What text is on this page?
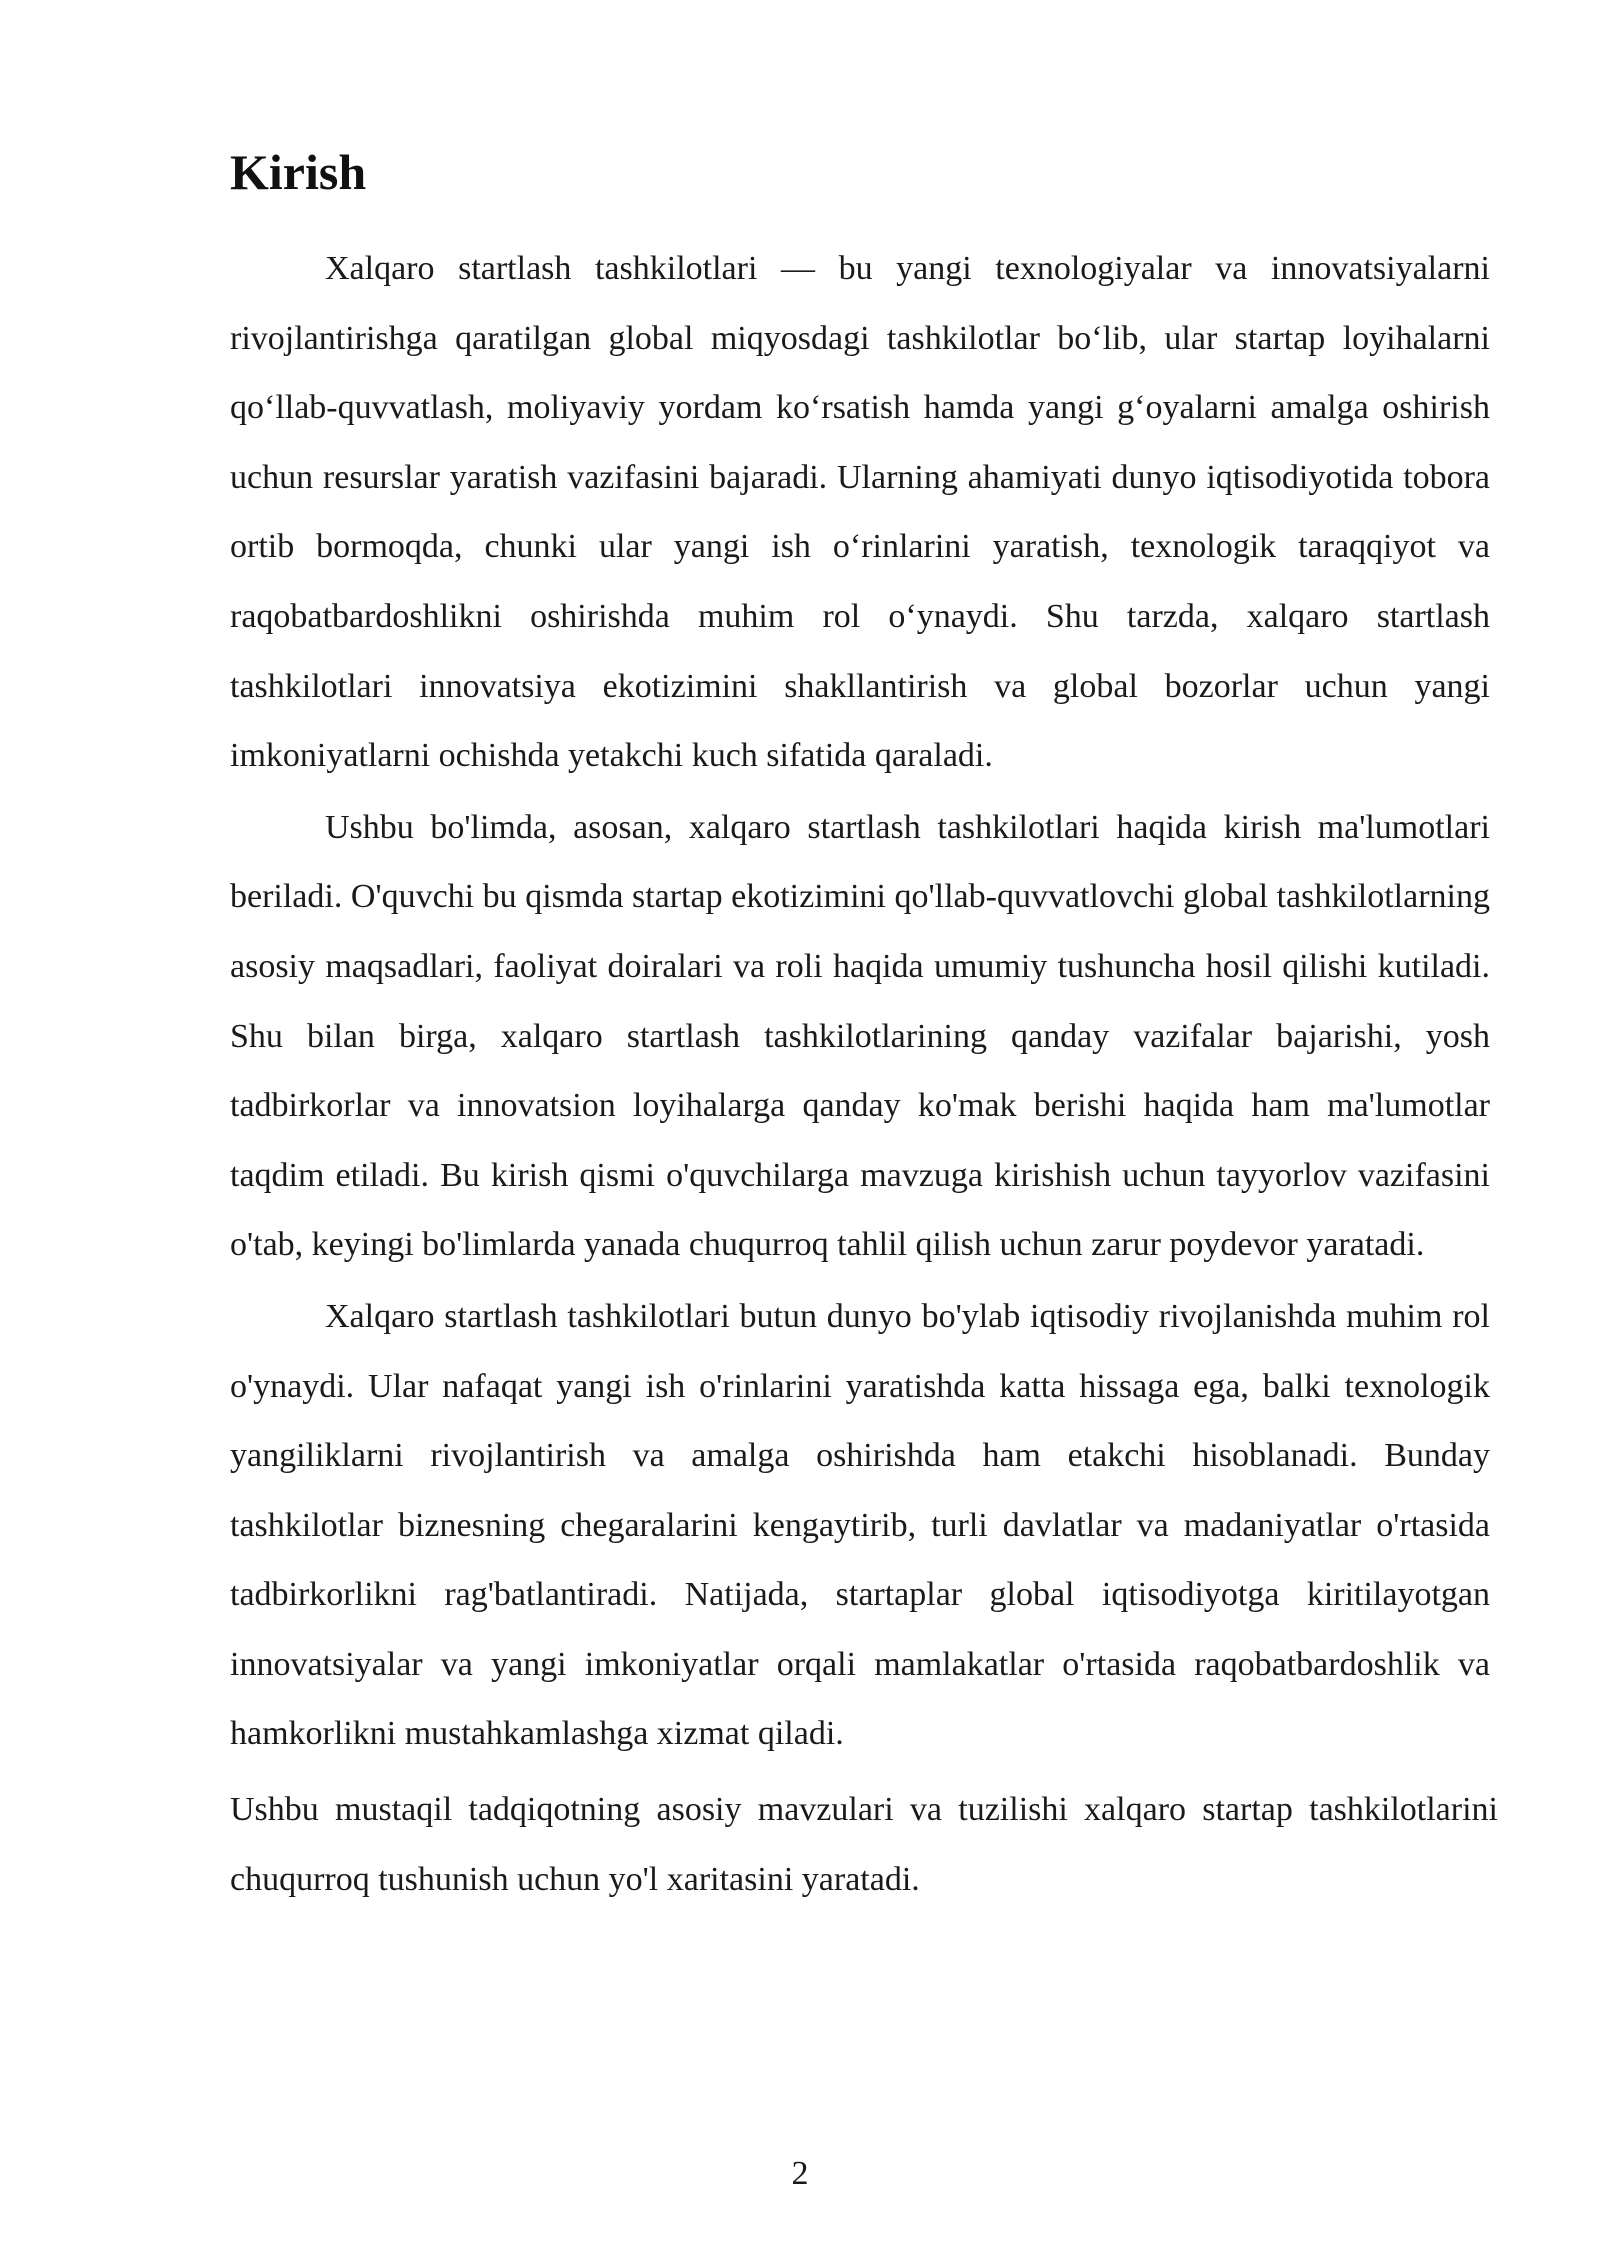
Kirish

Xalqaro startlash tashkilotlari — bu yangi texnologiyalar va innovatsiyalarni rivojlantirishga qaratilgan global miqyosdagi tashkilotlar bo‘lib, ular startap loyihalarni qo‘llab-quvvatlash, moliyaviy yordam ko‘rsatish hamda yangi g‘oyalarni amalga oshirish uchun resurslar yaratish vazifasini bajaradi. Ularning ahamiyati dunyo iqtisodiyotida tobora ortib bormoqda, chunki ular yangi ish o‘rinlarini yaratish, texnologik taraqqiyot va raqobatbardoshlikni oshirishda muhim rol o‘ynaydi. Shu tarzda, xalqaro startlash tashkilotlari innovatsiya ekotizimini shakllantirish va global bozorlar uchun yangi imkoniyatlarni ochishda yetakchi kuch sifatida qaraladi.

Ushbu bo'limda, asosan, xalqaro startlash tashkilotlari haqida kirish ma'lumotlari beriladi. O'quvchi bu qismda startap ekotizimini qo'llab-quvvatlovchi global tashkilotlarning asosiy maqsadlari, faoliyat doiralari va roli haqida umumiy tushuncha hosil qilishi kutiladi. Shu bilan birga, xalqaro startlash tashkilotlarining qanday vazifalar bajarishi, yosh tadbirkorlar va innovatsion loyihalarga qanday ko'mak berishi haqida ham ma'lumotlar taqdim etiladi. Bu kirish qismi o'quvchilarga mavzuga kirishish uchun tayyorlov vazifasini o'tab, keyingi bo'limlarda yanada chuqurroq tahlil qilish uchun zarur poydevor yaratadi.

Xalqaro startlash tashkilotlari butun dunyo bo'ylab iqtisodiy rivojlanishda muhim rol o'ynaydi. Ular nafaqat yangi ish o'rinlarini yaratishda katta hissaga ega, balki texnologik yangiliklarni rivojlantirish va amalga oshirishda ham etakchi hisoblanadi. Bunday tashkilotlar biznesning chegaralarini kengaytirib, turli davlatlar va madaniyatlar o'rtasida tadbirkorlikni rag'batlantiradi. Natijada, startaplar global iqtisodiyotga kiritilayotgan innovatsiyalar va yangi imkoniyatlar orqali mamlakatlar o'rtasida raqobatbardoshlik va hamkorlikni mustahkamlashga xizmat qiladi.

Ushbu mustaqil tadqiqotning asosiy mavzulari va tuzilishi xalqaro startap tashkilotlarini chuqurroq tushunish uchun yo'l xaritasini yaratadi.

2
